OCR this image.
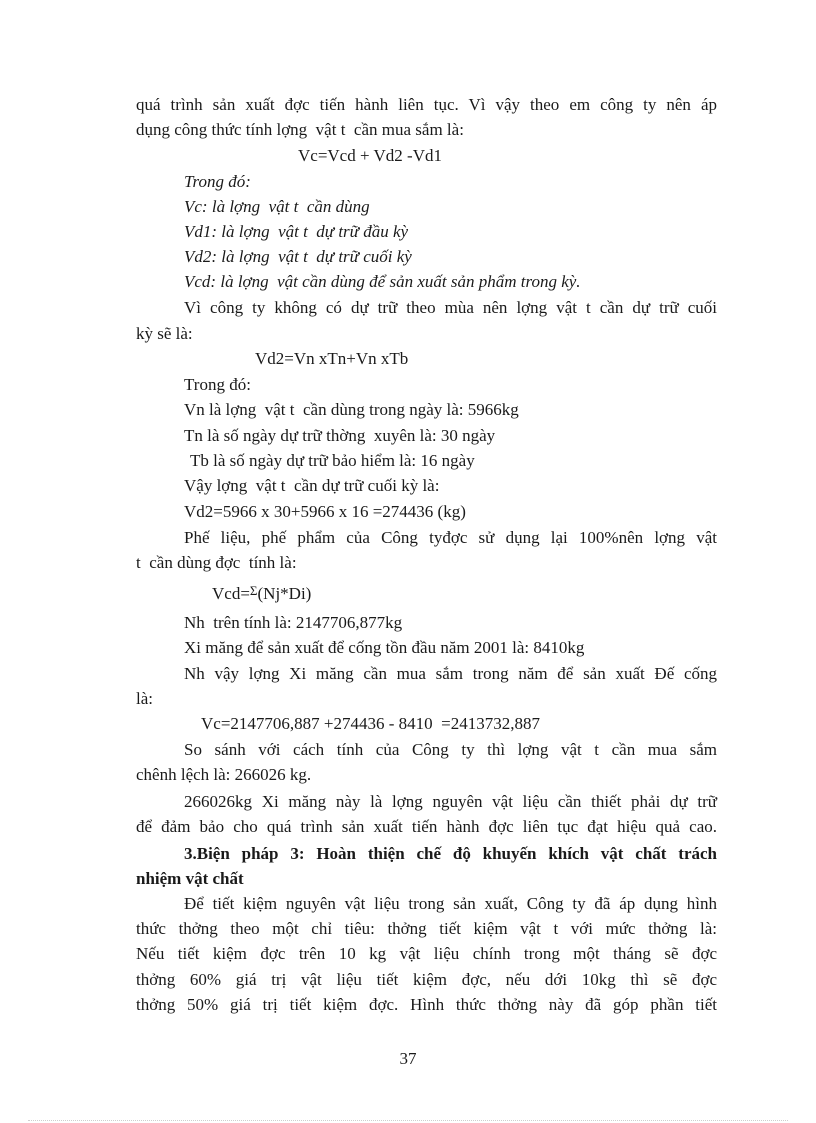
quá trình sản xuất đợc tiến hành liên tục. Vì vậy theo em công ty nên áp
dụng công thức tính lợng  vật t  cần mua sắm là:
Vc=Vcd + Vd2 -Vd1
Trong đó:
Vc: là lợng  vật t  cần dùng
Vd1: là lợng  vật t  dự trữ đầu kỳ
Vd2: là lợng  vật t  dự trữ cuối kỳ
Vcd: là lợng  vật cần dùng để sản xuất sản phẩm trong kỳ.
Vì công ty không có dự trữ theo mùa nên lợng vật t cần dự trữ cuối
kỳ sẽ là:
Vd2=Vn xTn+Vn xTb
Trong đó:
Vn là lợng  vật t  cần dùng trong ngày là: 5966kg
Tn là số ngày dự trữ thờng  xuyên là: 30 ngày
Tb là số ngày dự trữ bảo hiểm là: 16 ngày
Vậy lợng  vật t  cần dự trữ cuối kỳ là:
Vd2=5966 x 30+5966 x 16 =274436 (kg)
Phế liệu, phế phẩm của Công tyđợc sử dụng lại 100%nên lợng vật
t  cần dùng đợc  tính là:
Vcd=$^\Sigma$(Nj*Di)
Nh  trên tính là: 2147706,877kg
Xi măng để sản xuất để cống tồn đầu năm 2001 là: 8410kg
Nh vậy lợng Xi măng cần mua sắm trong năm để sản xuất Đế cống
là:
Vc=2147706,887 +274436 - 8410  =2413732,887
So sánh với cách tính của Công ty thì lợng vật t cần mua sắm
chênh lệch là: 266026 kg.
266026kg Xi măng này là lợng nguyên vật liệu cần thiết phải dự trữ
để đảm bảo cho quá trình sản xuất tiến hành đợc liên tục đạt hiệu quả cao.
3.Biện pháp 3: Hoàn thiện chế độ khuyến khích vật chất trách
nhiệm vật chất
Để tiết kiệm nguyên vật liệu trong sản xuất, Công ty đã áp dụng hình
thức thởng theo một chỉ tiêu: thởng tiết kiệm vật t với mức thởng là:
Nếu tiết kiệm đợc trên 10 kg vật liệu chính trong một tháng sẽ đợc
thởng 60% giá trị vật liệu tiết kiệm đợc, nếu dới 10kg thì sẽ đợc
thởng 50% giá trị tiết kiệm đợc. Hình thức thởng này đã góp phần tiết
37
